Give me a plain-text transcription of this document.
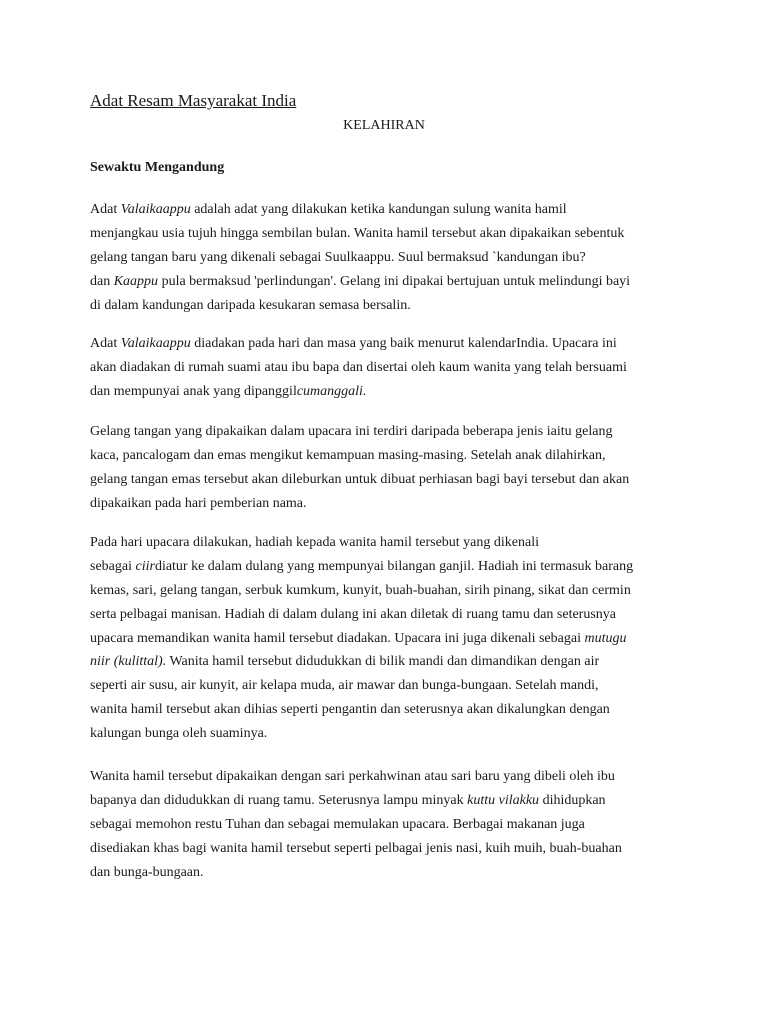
Adat Resam Masyarakat India
KELAHIRAN
Sewaktu Mengandung
Adat Valaikaappu adalah adat yang dilakukan ketika kandungan sulung wanita hamil
menjangkau usia tujuh hingga sembilan bulan. Wanita hamil tersebut akan dipakaikan sebentuk
gelang tangan baru yang dikenali sebagai Suulkaappu. Suul bermaksud `kandungan ibu?
dan Kaappu pula bermaksud 'perlindungan'. Gelang ini dipakai bertujuan untuk melindungi bayi
di dalam kandungan daripada kesukaran semasa bersalin.
Adat Valaikaappu diadakan pada hari dan masa yang baik menurut kalendarIndia. Upacara ini
akan diadakan di rumah suami atau ibu bapa dan disertai oleh kaum wanita yang telah bersuami
dan mempunyai anak yang dipanggilcumanggali.
Gelang tangan yang dipakaikan dalam upacara ini terdiri daripada beberapa jenis iaitu gelang
kaca, pancalogam dan emas mengikut kemampuan masing-masing. Setelah anak dilahirkan,
gelang tangan emas tersebut akan dileburkan untuk dibuat perhiasan bagi bayi tersebut dan akan
dipakaikan pada hari pemberian nama.
Pada hari upacara dilakukan, hadiah kepada wanita hamil tersebut yang dikenali
sebagai ciirdiatur ke dalam dulang yang mempunyai bilangan ganjil. Hadiah ini termasuk barang
kemas, sari, gelang tangan, serbuk kumkum, kunyit, buah-buahan, sirih pinang, sikat dan cermin
serta pelbagai manisan. Hadiah di dalam dulang ini akan diletak di ruang tamu dan seterusnya
upacara memandikan wanita hamil tersebut diadakan. Upacara ini juga dikenali sebagai mutugu
niir (kulittal). Wanita hamil tersebut didudukkan di bilik mandi dan dimandikan dengan air
seperti air susu, air kunyit, air kelapa muda, air mawar dan bunga-bungaan. Setelah mandi,
wanita hamil tersebut akan dihias seperti pengantin dan seterusnya akan dikalungkan dengan
kalungan bunga oleh suaminya.
Wanita hamil tersebut dipakaikan dengan sari perkahwinan atau sari baru yang dibeli oleh ibu
bapanya dan didudukkan di ruang tamu. Seterusnya lampu minyak kuttu vilakku dihidupkan
sebagai memohon restu Tuhan dan sebagai memulakan upacara. Berbagai makanan juga
disediakan khas bagi wanita hamil tersebut seperti pelbagai jenis nasi, kuih muih, buah-buahan
dan bunga-bungaan.
